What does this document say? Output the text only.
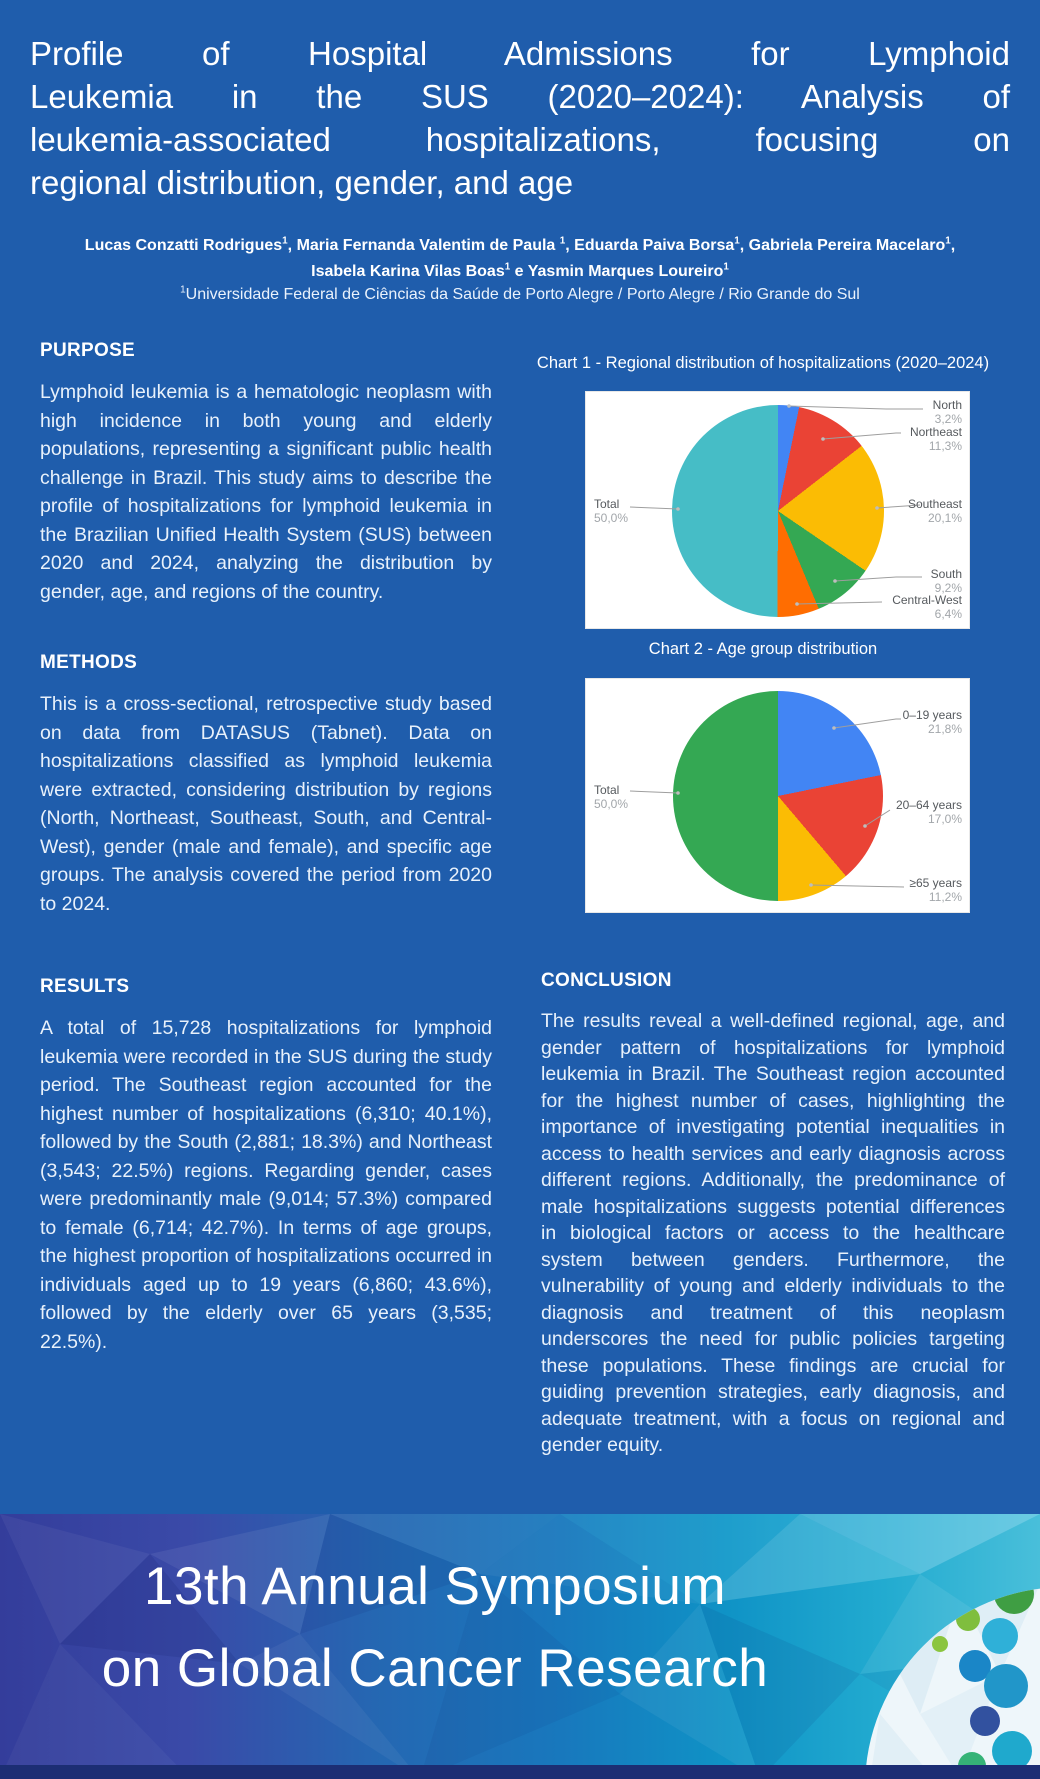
Profile of Hospital Admissions for Lymphoid
Leukemia in the SUS (2020–2024): Analysis of
leukemia-associated hospitalizations, focusing on
regional distribution, gender, and age
Lucas Conzatti Rodrigues$^1$, Maria Fernanda Valentim de Paula $^1$, Eduarda Paiva Borsa$^1$, Gabriela Pereira Macelaro$^1$,
Isabela Karina Vilas Boas$^1$ e Yasmin Marques Loureiro$^1$
$^1$Universidade Federal de Ciências da Saúde de Porto Alegre / Porto Alegre / Rio Grande do Sul
PURPOSE
Lymphoid leukemia is a hematologic neoplasm with high incidence in both young and elderly populations, representing a significant public health challenge in Brazil. This study aims to describe the profile of hospitalizations for lymphoid leukemia in the Brazilian Unified Health System (SUS) between 2020 and 2024, analyzing the distribution by gender, age, and regions of the country.
METHODS
This is a cross-sectional, retrospective study based on data from DATASUS (Tabnet). Data on hospitalizations classified as lymphoid leukemia were extracted, considering distribution by regions (North, Northeast, Southeast, South, and Central-West), gender (male and female), and specific age groups. The analysis covered the period from 2020 to 2024.
RESULTS
A total of 15,728 hospitalizations for lymphoid leukemia were recorded in the SUS during the study period. The Southeast region accounted for the highest number of hospitalizations (6,310; 40.1%), followed by the South (2,881; 18.3%) and Northeast (3,543; 22.5%) regions. Regarding gender, cases were predominantly male (9,014; 57.3%) compared to female (6,714; 42.7%). In terms of age groups, the highest proportion of hospitalizations occurred in individuals aged up to 19 years (6,860; 43.6%), followed by the elderly over 65 years (3,535; 22.5%).
Chart 1 - Regional distribution of hospitalizations (2020–2024)
North
3,2%
Northeast
11,3%
Southeast
20,1%
South
9,2%
Central-West
6,4%
Total
50,0%
Chart 2 - Age group distribution
0–19 years
21,8%
20–64 years
17,0%
≥65 years
11,2%
Total
50,0%
CONCLUSION
The results reveal a well-defined regional, age, and gender pattern of hospitalizations for lymphoid leukemia in Brazil. The Southeast region accounted for the highest number of cases, highlighting the importance of investigating potential inequalities in access to health services and early diagnosis across different regions. Additionally, the predominance of male hospitalizations suggests potential differences in biological factors or access to the healthcare system between genders. Furthermore, the vulnerability of young and elderly individuals to the diagnosis and treatment of this neoplasm underscores the need for public policies targeting these populations. These findings are crucial for guiding prevention strategies, early diagnosis, and adequate treatment, with a focus on regional and gender equity.
13th Annual Symposium
on Global Cancer Research
